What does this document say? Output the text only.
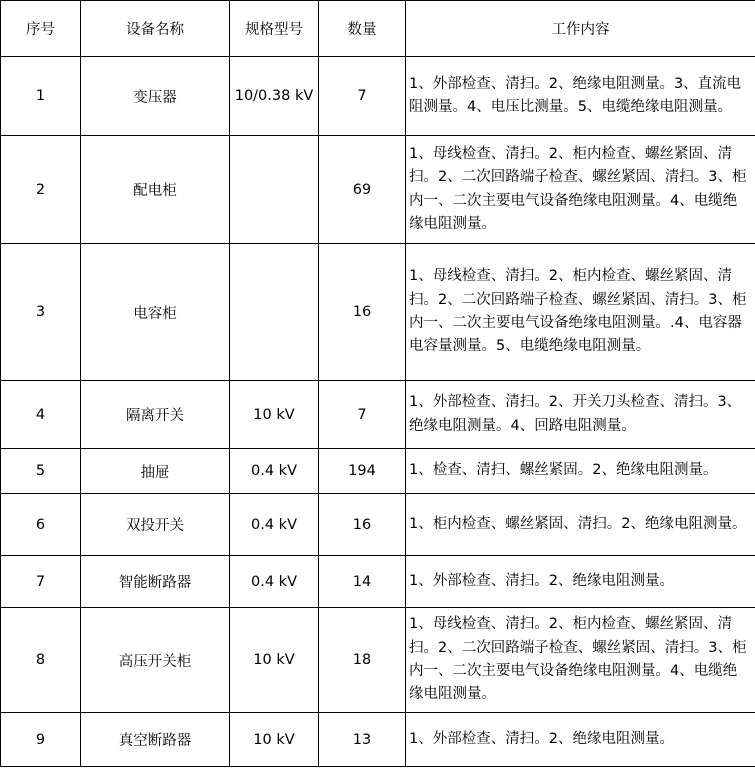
序号	设备名称	规格型号	数量	工作内容
1	变压器	10/0.38 kV	7	1、外部检查、清扫。2、绝缘电阻测量。3、直流电阻测量。4、电压比测量。5、电缆绝缘电阻测量。

2	配电柜		69	1、母线检查、清扫。2、柜内检查、螺丝紧固、清扫。2、二次回路端子检查、螺丝紧固、清扫。3、柜内一、二次主要电气设备绝缘电阻测量。4、电缆绝缘电阻测量。

3	电容柜		16	1、母线检查、清扫。2、柜内检查、螺丝紧固、清扫。2、二次回路端子检查、螺丝紧固、清扫。3、柜内一、二次主要电气设备绝缘电阻测量。.4、电容器电容量测量。5、电缆绝缘电阻测量。

4	隔离开关	10 kV	7	1、外部检查、清扫。2、开关刀头检查、清扫。3、绝缘电阻测量。4、回路电阻测量。

5	抽屉	0.4 kV	194	1、检查、清扫、螺丝紧固。2、绝缘电阻测量。

6	双投开关	0.4 kV	16	1、柜内检查、螺丝紧固、清扫。2、绝缘电阻测量。

7	智能断路器	0.4 kV	14	1、外部检查、清扫。2、绝缘电阻测量。

8	高压开关柜	10 kV	18	1、母线检查、清扫。2、柜内检查、螺丝紧固、清扫。2、二次回路端子检查、螺丝紧固、清扫。3、柜内一、二次主要电气设备绝缘电阻测量。4、电缆绝缘电阻测量。

9	真空断路器	10 kV	13	1、外部检查、清扫。2、绝缘电阻测量。
